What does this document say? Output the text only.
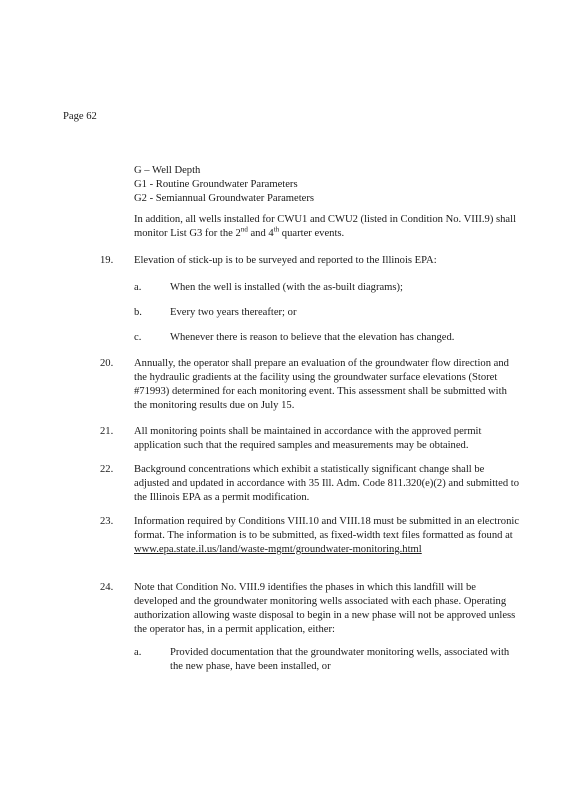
Page 62
G – Well Depth
G1 - Routine Groundwater Parameters
G2 - Semiannual Groundwater Parameters
In addition, all wells installed for CWU1 and CWU2 (listed in Condition No. VIII.9) shall monitor List G3 for the 2nd and 4th quarter events.
19. Elevation of stick-up is to be surveyed and reported to the Illinois EPA:
a.	When the well is installed (with the as-built diagrams);
b.	Every two years thereafter; or
c.	Whenever there is reason to believe that the elevation has changed.
20. Annually, the operator shall prepare an evaluation of the groundwater flow direction and the hydraulic gradients at the facility using the groundwater surface elevations (Storet #71993) determined for each monitoring event. This assessment shall be submitted with the monitoring results due on July 15.
21. All monitoring points shall be maintained in accordance with the approved permit application such that the required samples and measurements may be obtained.
22. Background concentrations which exhibit a statistically significant change shall be adjusted and updated in accordance with 35 Ill. Adm. Code 811.320(e)(2) and submitted to the Illinois EPA as a permit modification.
23. Information required by Conditions VIII.10 and VIII.18 must be submitted in an electronic format. The information is to be submitted, as fixed-width text files formatted as found at www.epa.state.il.us/land/waste-mgmt/groundwater-monitoring.html
24. Note that Condition No. VIII.9 identifies the phases in which this landfill will be developed and the groundwater monitoring wells associated with each phase. Operating authorization allowing waste disposal to begin in a new phase will not be approved unless the operator has, in a permit application, either:
a.	Provided documentation that the groundwater monitoring wells, associated with the new phase, have been installed, or
